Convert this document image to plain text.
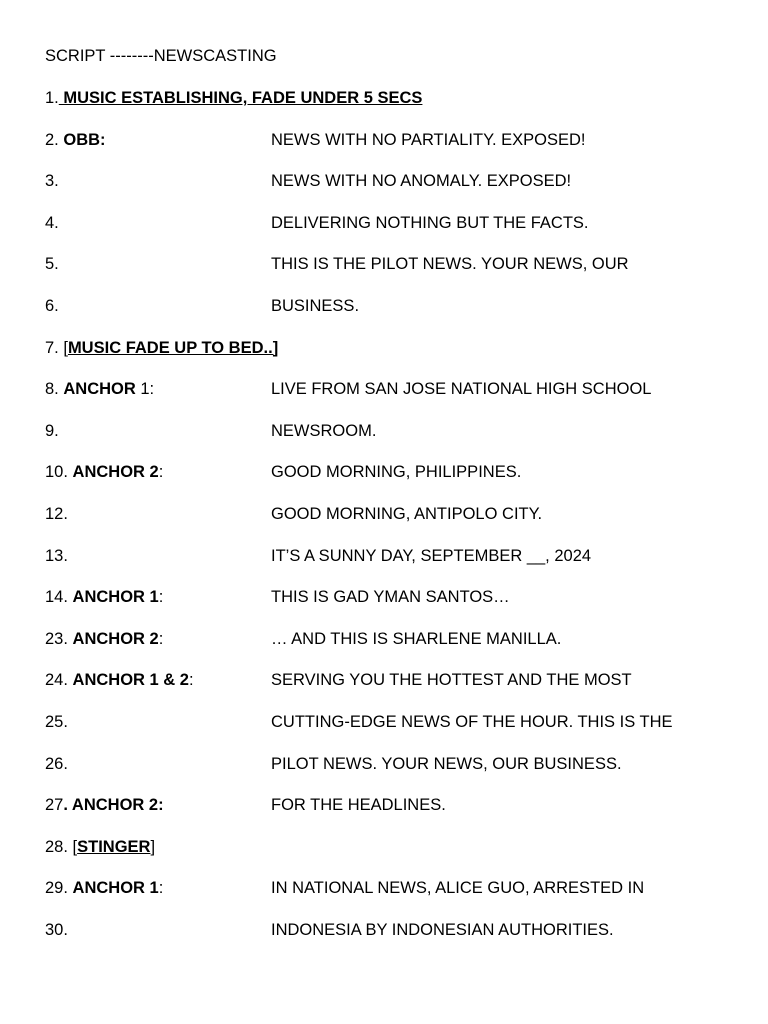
SCRIPT --------NEWSCASTING
1. MUSIC ESTABLISHING, FADE UNDER 5 SECS
2. OBB:	NEWS WITH NO PARTIALITY. EXPOSED!
3.	NEWS WITH NO ANOMALY. EXPOSED!
4.	DELIVERING NOTHING BUT THE FACTS.
5.	THIS IS THE PILOT NEWS. YOUR NEWS, OUR
6.	BUSINESS.
7. [MUSIC FADE UP TO BED..]
8. ANCHOR 1:	LIVE FROM SAN JOSE NATIONAL HIGH SCHOOL
9.	NEWSROOM.
10. ANCHOR 2:	GOOD MORNING, PHILIPPINES.
12.	GOOD MORNING, ANTIPOLO CITY.
13.	IT’S A SUNNY DAY, SEPTEMBER __, 2024
14. ANCHOR 1:	THIS IS GAD YMAN SANTOS…
23. ANCHOR 2:	… AND THIS IS SHARLENE MANILLA.
24. ANCHOR 1 & 2:	SERVING YOU THE HOTTEST AND THE MOST
25.	CUTTING-EDGE NEWS OF THE HOUR. THIS IS THE
26.	PILOT NEWS. YOUR NEWS, OUR BUSINESS.
27. ANCHOR 2:	FOR THE HEADLINES.
28. [STINGER]
29. ANCHOR 1:	IN NATIONAL NEWS, ALICE GUO, ARRESTED IN
30.	INDONESIA BY INDONESIAN AUTHORITIES.
